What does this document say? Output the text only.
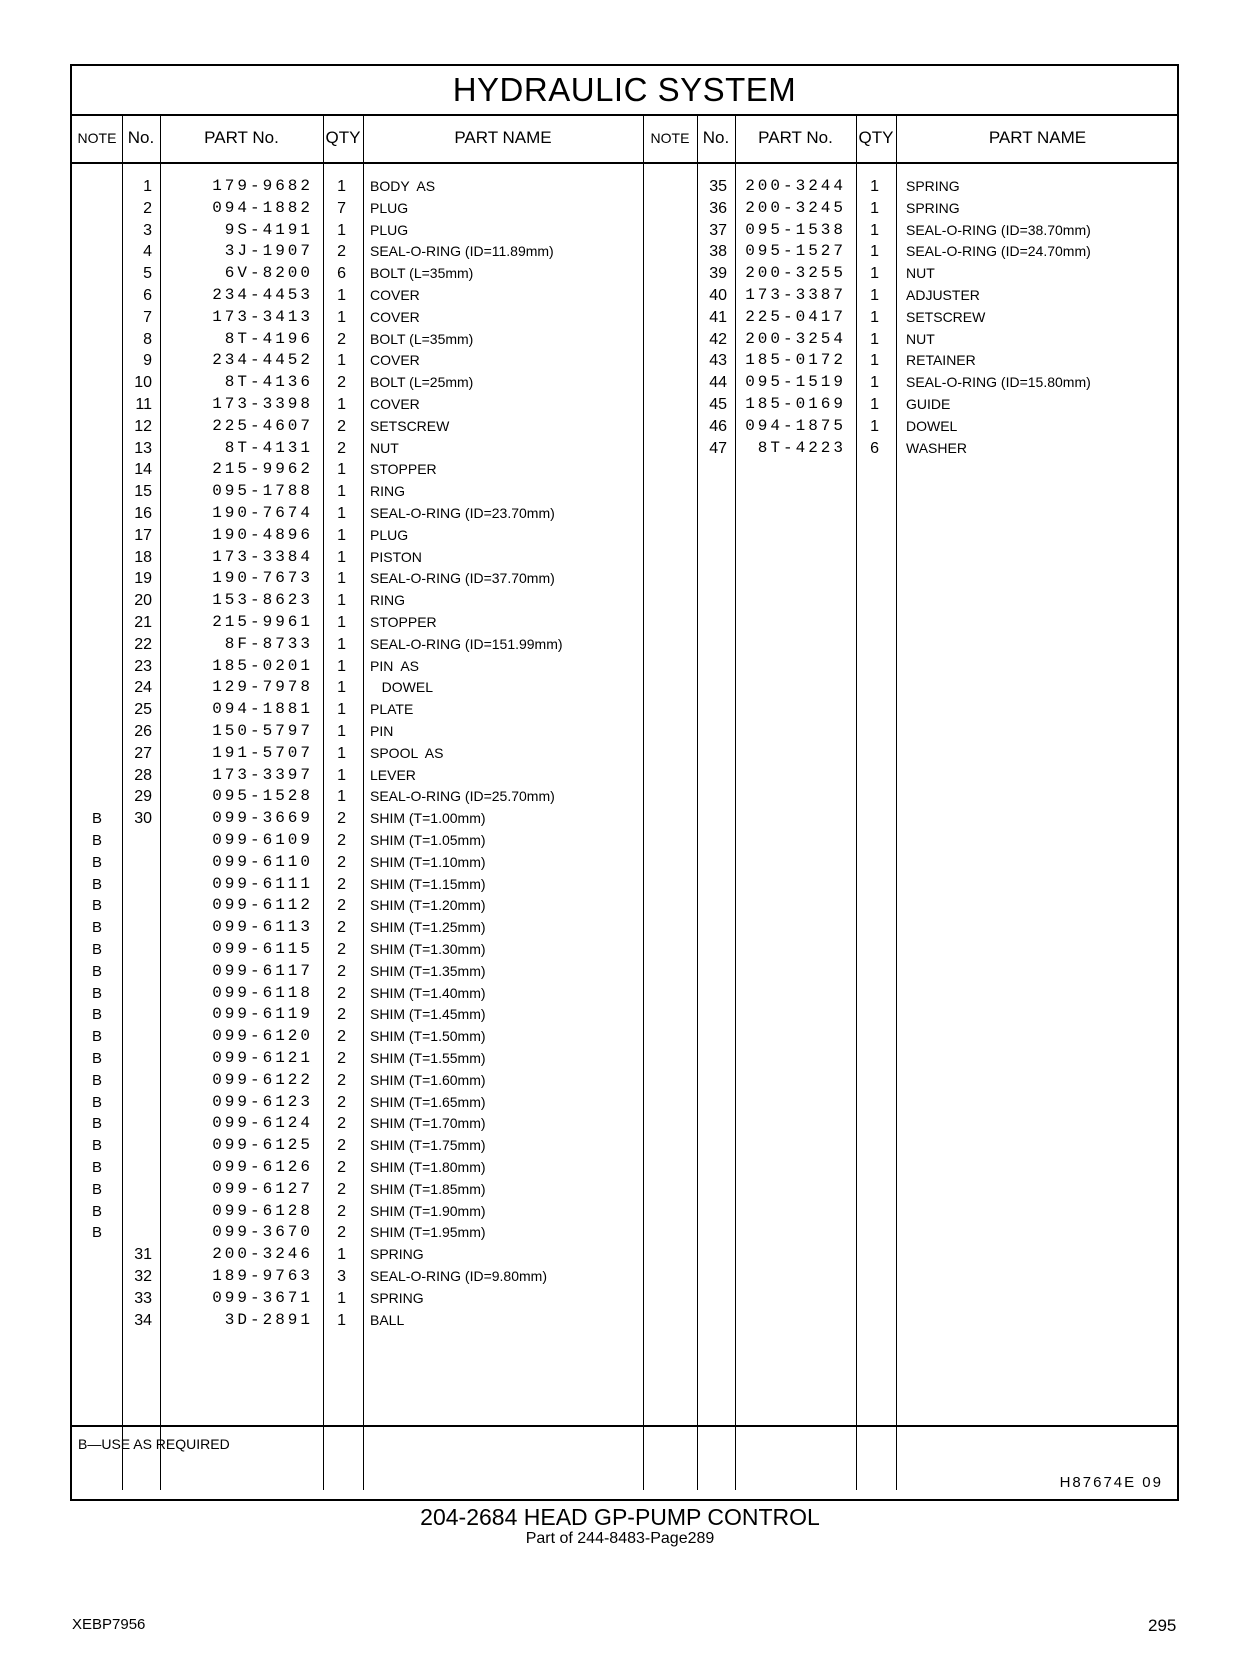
HYDRAULIC SYSTEM
NOTE No.	PART No.	QTY	PART NAME	NOTE No.	PART No.	QTY	PART NAME
1	179-9682	1 BODY  AS
2	094-1882	7 PLUG
3	9S-4191	1 PLUG
4	3J-1907	2 SEAL-O-RING (ID=11.89mm)
5	6V-8200	6 BOLT (L=35mm)
6	234-4453	1 COVER
7	173-3413	1 COVER
8	8T-4196	2 BOLT (L=35mm)
9	234-4452	1 COVER
10	8T-4136	2 BOLT (L=25mm)
11	173-3398	1 COVER
12	225-4607	2 SETSCREW
13	8T-4131	2 NUT
14	215-9962	1 STOPPER
15	095-1788	1 RING
16	190-7674	1 SEAL-O-RING (ID=23.70mm)
17	190-4896	1 PLUG
18	173-3384	1 PISTON
19	190-7673	1 SEAL-O-RING (ID=37.70mm)
20	153-8623	1 RING
21	215-9961	1 STOPPER
22	8F-8733	1 SEAL-O-RING (ID=151.99mm)
23	185-0201	1 PIN  AS
24	129-7978	1 DOWEL
25	094-1881	1 PLATE
26	150-5797	1 PIN
27	191-5707	1 SPOOL  AS
28	173-3397	1 LEVER
29	095-1528	1 SEAL-O-RING (ID=25.70mm)
B	30	099-3669	2 SHIM (T=1.00mm)
B	099-6109	2 SHIM (T=1.05mm)
B	099-6110	2 SHIM (T=1.10mm)
B	099-6111	2 SHIM (T=1.15mm)
B	099-6112	2 SHIM (T=1.20mm)
B	099-6113	2 SHIM (T=1.25mm)
B	099-6115	2 SHIM (T=1.30mm)
B	099-6117	2 SHIM (T=1.35mm)
B	099-6118	2 SHIM (T=1.40mm)
B	099-6119	2 SHIM (T=1.45mm)
B	099-6120	2 SHIM (T=1.50mm)
B	099-6121	2 SHIM (T=1.55mm)
B	099-6122	2 SHIM (T=1.60mm)
B	099-6123	2 SHIM (T=1.65mm)
B	099-6124	2 SHIM (T=1.70mm)
B	099-6125	2 SHIM (T=1.75mm)
B	099-6126	2 SHIM (T=1.80mm)
B	099-6127	2 SHIM (T=1.85mm)
B	099-6128	2 SHIM (T=1.90mm)
B	099-3670	2 SHIM (T=1.95mm)
31	200-3246	1 SPRING
32	189-9763	3 SEAL-O-RING (ID=9.80mm)
33	099-3671	1 SPRING
34	3D-2891	1 BALL
35	200-3244	1 SPRING
36	200-3245	1 SPRING
37	095-1538	1 SEAL-O-RING (ID=38.70mm)
38	095-1527	1 SEAL-O-RING (ID=24.70mm)
39	200-3255	1 NUT
40	173-3387	1 ADJUSTER
41	225-0417	1 SETSCREW
42	200-3254	1 NUT
43	185-0172	1 RETAINER
44	095-1519	1 SEAL-O-RING (ID=15.80mm)
45	185-0169	1 GUIDE
46	094-1875	1 DOWEL
47	8T-4223	6 WASHER
B—USE AS REQUIRED
H87674E 09
204-2684 HEAD GP-PUMP CONTROL
Part of 244-8483-Page289
XEBP7956	295
